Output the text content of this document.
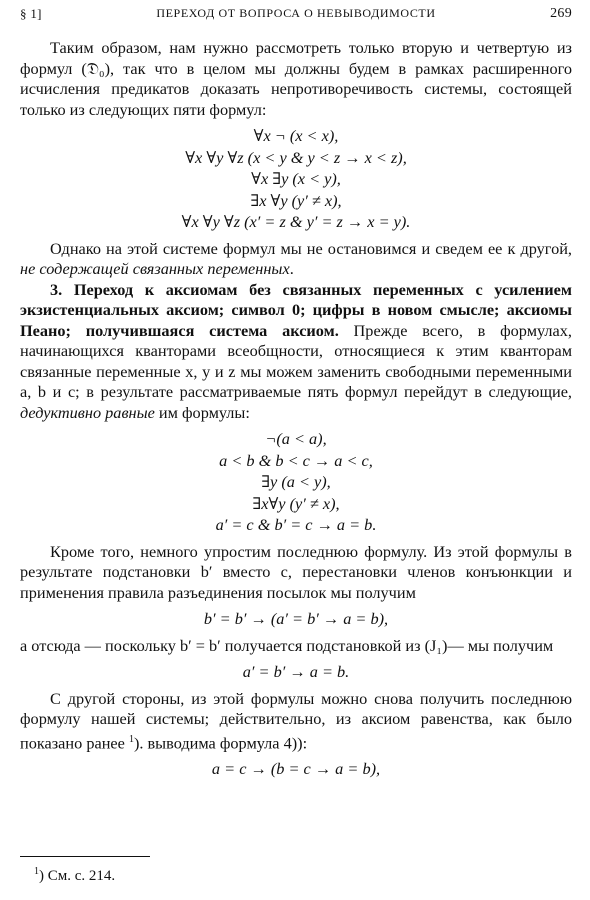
§ 1]	ПЕРЕХОД ОТ ВОПРОСА О НЕВЫВОДИМОСТИ	269

Таким образом, нам нужно рассмотреть только вторую и четвертую из формул (𝔇₀), так что в целом мы должны будем в рамках расширенного исчисления предикатов доказать непротиворечивость системы, состоящей только из следующих пяти формул:

∀x ¬ (x < x),

∀x ∀y ∀z (x < y & y < z → x < z),

∀x ∃y (x < y),

∃x ∀y (y′ ≠ x),

∀x ∀y ∀z (x′ = z & y′ = z → x = y).

Однако на этой системе формул мы не остановимся и сведем ее к другой, не содержащей связанных переменных.

3. Переход к аксиомам без связанных переменных с усилением экзистенциальных аксиом; символ 0; цифры в новом смысле; аксиомы Пеано; получившаяся система аксиом. Прежде всего, в формулах, начинающихся кванторами всеобщности, относящиеся к этим кванторам связанные переменные x, y и z мы можем заменить свободными переменными a, b и c; в результате рассматриваемые пять формул перейдут в следующие, дедуктивно равные им формулы:

¬(a < a),

a < b & b < c → a < c,

∃y (a < y),

∃x∀y (y′ ≠ x),

a′ = c & b′ = c → a = b.

Кроме того, немного упростим последнюю формулу. Из этой формулы в результате подстановки b′ вместо c, перестановки членов конъюнкции и применения правила разъединения посылок мы получим

b′ = b′ → (a′ = b′ → a = b),

а отсюда — поскольку b′ = b′ получается подстановкой из (J₁)— мы получим

a′ = b′ → a = b.

С другой стороны, из этой формулы можно снова получить последнюю формулу нашей системы; действительно, из аксиом равенства, как было показано ранее $^1$). выводима формула 4)):

a = c → (b = c → a = b),

$^1$) См. с. 214.
